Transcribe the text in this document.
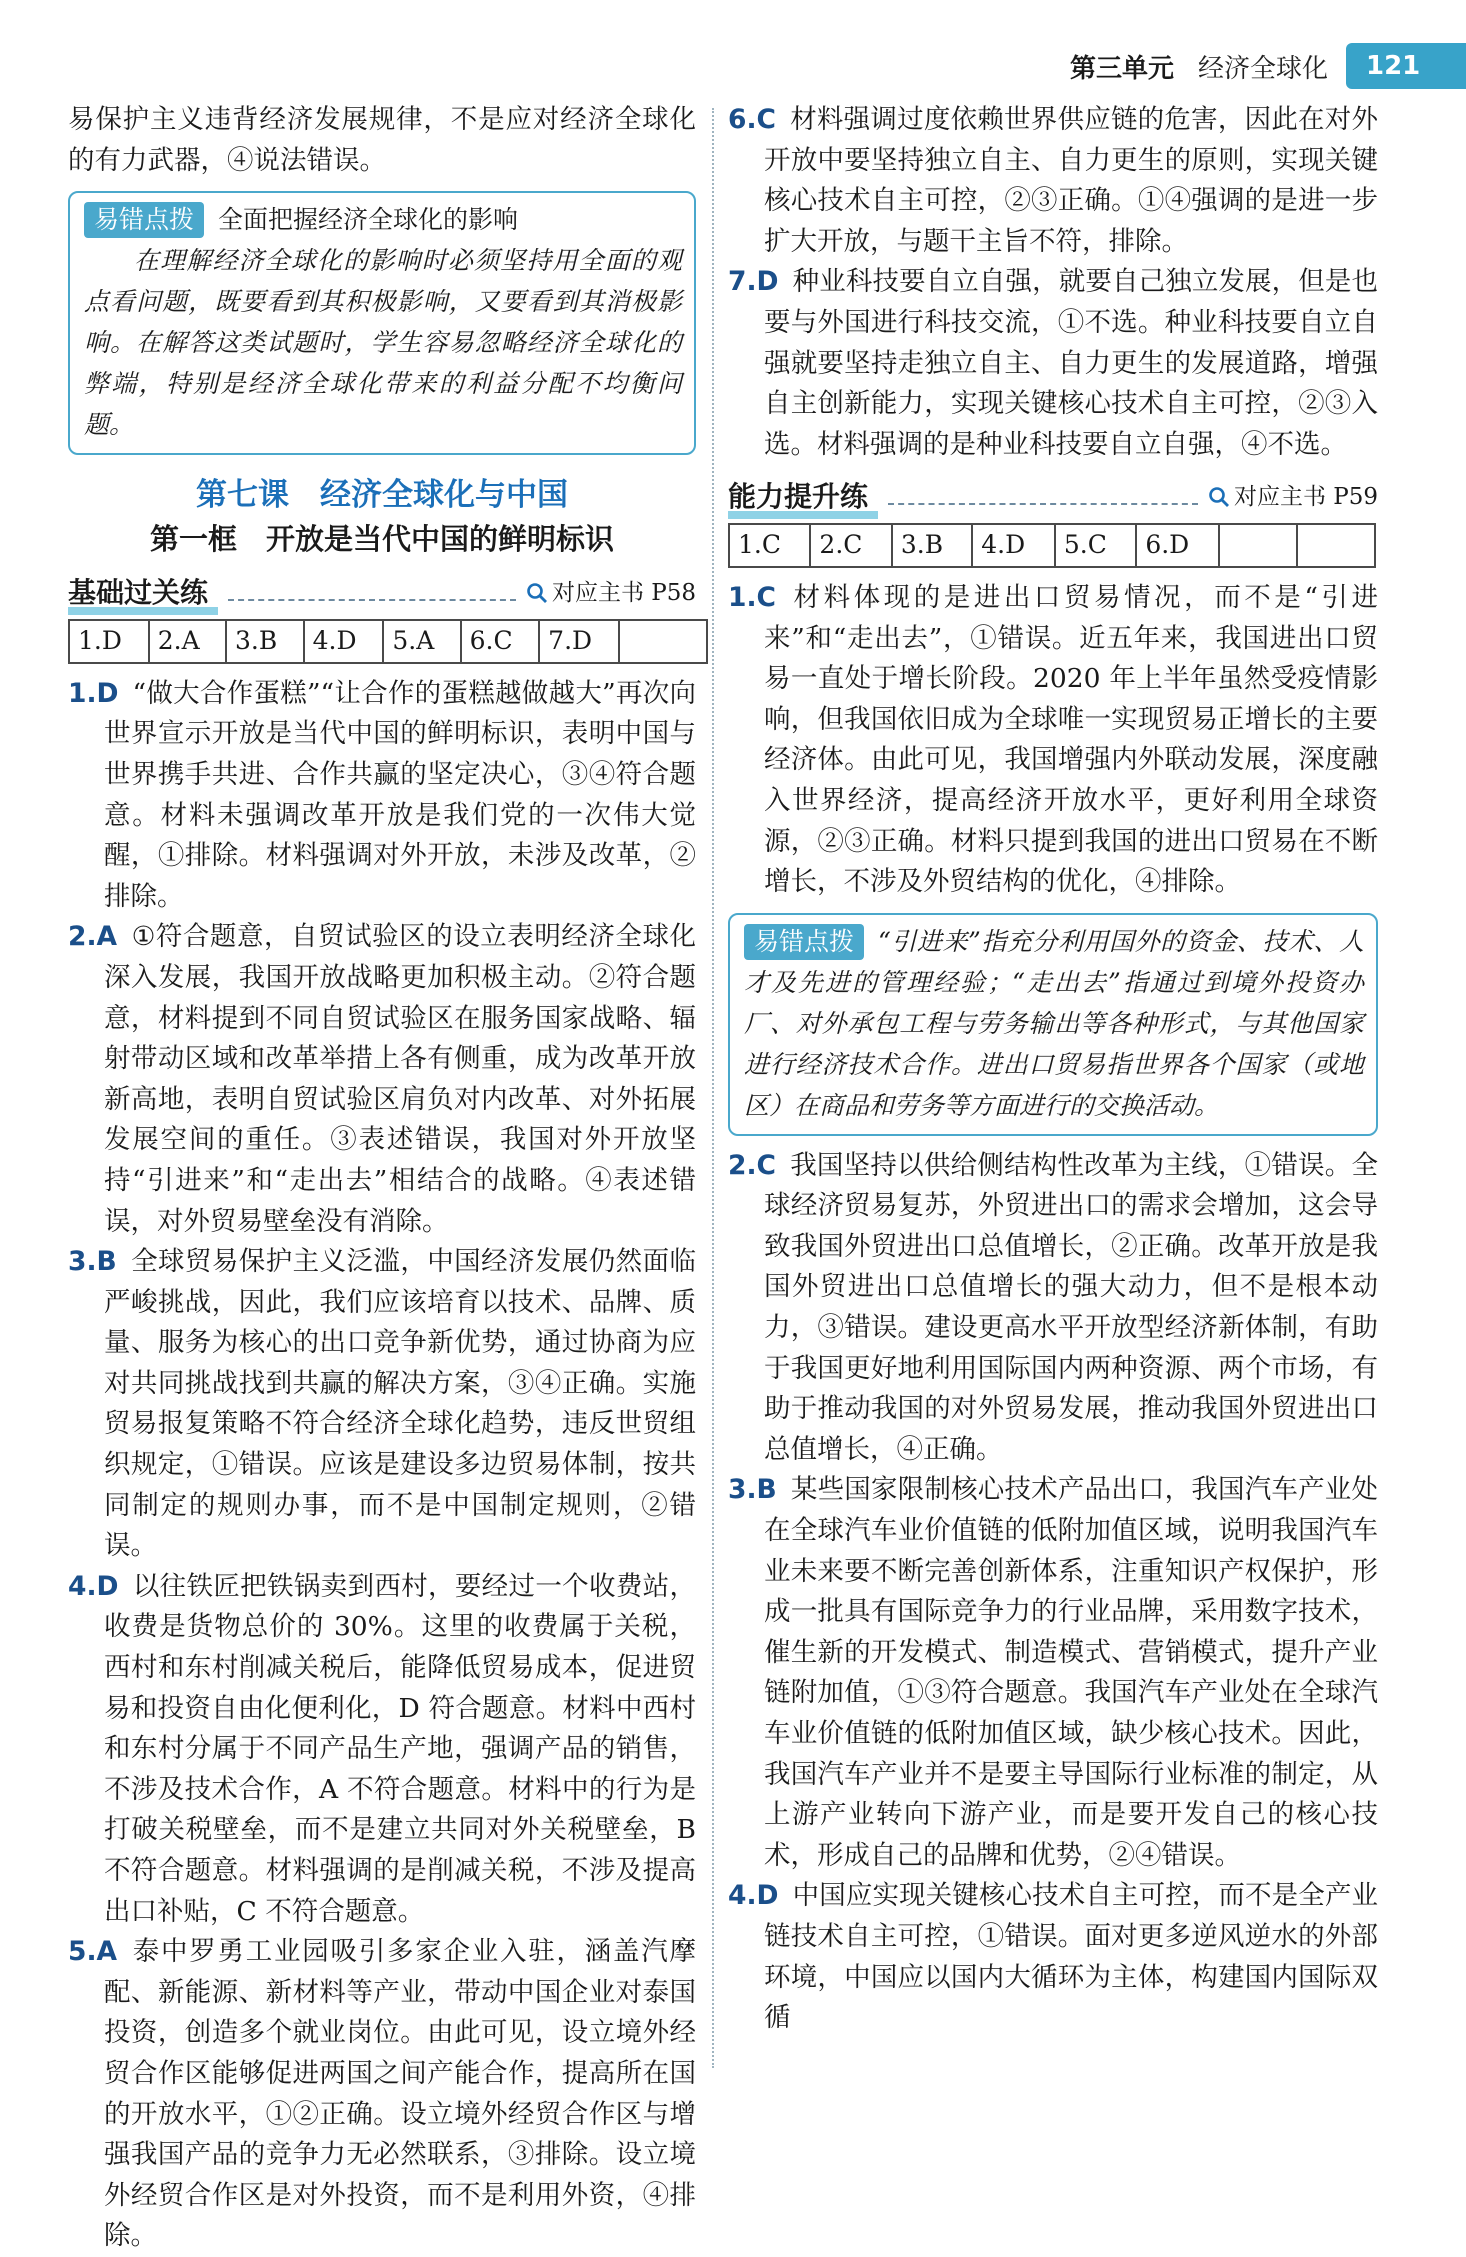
第三单元 经济全球化	121

易保护主义违背经济发展规律，不是应对经济全球化的有力武器，④说法错误。

易错点拨 全面把握经济全球化的影响
在理解经济全球化的影响时必须坚持用全面的观点看问题，既要看到其积极影响，又要看到其消极影响。在解答这类试题时，学生容易忽略经济全球化的弊端，特别是经济全球化带来的利益分配不均衡问题。
第七课　经济全球化与中国
第一框　开放是当代中国的鲜明标识
基础过关练	对应主书 P58
1.D	2.A	3.B	4.D	5.A	6.C	7.D	

1.D “做大合作蛋糕”“让合作的蛋糕越做越大”再次向世界宣示开放是当代中国的鲜明标识，表明中国与世界携手共进、合作共赢的坚定决心，③④符合题意。材料未强调改革开放是我们党的一次伟大觉醒，①排除。材料强调对外开放，未涉及改革，②排除。

2.A ①符合题意，自贸试验区的设立表明经济全球化深入发展，我国开放战略更加积极主动。②符合题意，材料提到不同自贸试验区在服务国家战略、辐射带动区域和改革举措上各有侧重，成为改革开放新高地，表明自贸试验区肩负对内改革、对外拓展发展空间的重任。③表述错误，我国对外开放坚持“引进来”和“走出去”相结合的战略。④表述错误，对外贸易壁垒没有消除。

3.B 全球贸易保护主义泛滥，中国经济发展仍然面临严峻挑战，因此，我们应该培育以技术、品牌、质量、服务为核心的出口竞争新优势，通过协商为应对共同挑战找到共赢的解决方案，③④正确。实施贸易报复策略不符合经济全球化趋势，违反世贸组织规定，①错误。应该是建设多边贸易体制，按共同制定的规则办事，而不是中国制定规则，②错误。

4.D 以往铁匠把铁锅卖到西村，要经过一个收费站，收费是货物总价的 30%。这里的收费属于关税，西村和东村削减关税后，能降低贸易成本，促进贸易和投资自由化便利化，D 符合题意。材料中西村和东村分属于不同产品生产地，强调产品的销售，不涉及技术合作，A 不符合题意。材料中的行为是打破关税壁垒，而不是建立共同对外关税壁垒，B 不符合题意。材料强调的是削减关税，不涉及提高出口补贴，C 不符合题意。

5.A 泰中罗勇工业园吸引多家企业入驻，涵盖汽摩配、新能源、新材料等产业，带动中国企业对泰国投资，创造多个就业岗位。由此可见，设立境外经贸合作区能够促进两国之间产能合作，提高所在国的开放水平，①②正确。设立境外经贸合作区与增强我国产品的竞争力无必然联系，③排除。设立境外经贸合作区是对外投资，而不是利用外资，④排除。

6.C 材料强调过度依赖世界供应链的危害，因此在对外开放中要坚持独立自主、自力更生的原则，实现关键核心技术自主可控，②③正确。①④强调的是进一步扩大开放，与题干主旨不符，排除。

7.D 种业科技要自立自强，就要自己独立发展，但是也要与外国进行科技交流，①不选。种业科技要自立自强就要坚持走独立自主、自力更生的发展道路，增强自主创新能力，实现关键核心技术自主可控，②③入选。材料强调的是种业科技要自立自强，④不选。

能力提升练	对应主书 P59
1.C	2.C	3.B	4.D	5.C	6.D		

1.C 材料体现的是进出口贸易情况，而不是“引进来”和“走出去”，①错误。近五年来，我国进出口贸易一直处于增长阶段。2020 年上半年虽然受疫情影响，但我国依旧成为全球唯一实现贸易正增长的主要经济体。由此可见，我国增强内外联动发展，深度融入世界经济，提高经济开放水平，更好利用全球资源，②③正确。材料只提到我国的进出口贸易在不断增长，不涉及外贸结构的优化，④排除。

易错点拨 “引进来”指充分利用国外的资金、技术、人才及先进的管理经验；“走出去”指通过到境外投资办厂、对外承包工程与劳务输出等各种形式，与其他国家进行经济技术合作。进出口贸易指世界各个国家（或地区）在商品和劳务等方面进行的交换活动。

2.C 我国坚持以供给侧结构性改革为主线，①错误。全球经济贸易复苏，外贸进出口的需求会增加，这会导致我国外贸进出口总值增长，②正确。改革开放是我国外贸进出口总值增长的强大动力，但不是根本动力，③错误。建设更高水平开放型经济新体制，有助于我国更好地利用国际国内两种资源、两个市场，有助于推动我国的对外贸易发展，推动我国外贸进出口总值增长，④正确。

3.B 某些国家限制核心技术产品出口，我国汽车产业处在全球汽车业价值链的低附加值区域，说明我国汽车业未来要不断完善创新体系，注重知识产权保护，形成一批具有国际竞争力的行业品牌，采用数字技术，催生新的开发模式、制造模式、营销模式，提升产业链附加值，①③符合题意。我国汽车产业处在全球汽车业价值链的低附加值区域，缺少核心技术。因此，我国汽车产业并不是要主导国际行业标准的制定，从上游产业转向下游产业，而是要开发自己的核心技术，形成自己的品牌和优势，②④错误。

4.D 中国应实现关键核心技术自主可控，而不是全产业链技术自主可控，①错误。面对更多逆风逆水的外部环境，中国应以国内大循环为主体，构建国内国际双循
